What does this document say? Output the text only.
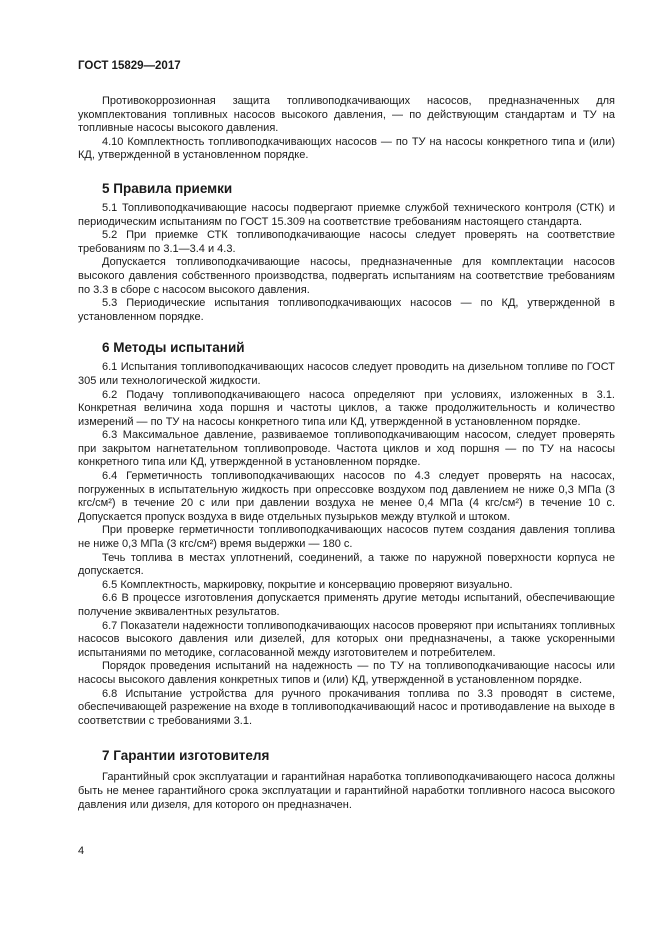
ГОСТ 15829—2017

Противокоррозионная защита топливоподкачивающих насосов, предназначенных для укомплектования топливных насосов высокого давления, — по действующим стандартам и ТУ на топливные насосы высокого давления.

4.10 Комплектность топливоподкачивающих насосов — по ТУ на насосы конкретного типа и (или) КД, утвержденной в установленном порядке.

5 Правила приемки

5.1 Топливоподкачивающие насосы подвергают приемке службой технического контроля (СТК) и периодическим испытаниям по ГОСТ 15.309 на соответствие требованиям настоящего стандарта.

5.2 При приемке СТК топливоподкачивающие насосы следует проверять на соответствие требованиям по 3.1—3.4 и 4.3.

Допускается топливоподкачивающие насосы, предназначенные для комплектации насосов высокого давления собственного производства, подвергать испытаниям на соответствие требованиям по 3.3 в сборе с насосом высокого давления.

5.3 Периодические испытания топливоподкачивающих насосов — по КД, утвержденной в установленном порядке.

6 Методы испытаний

6.1 Испытания топливоподкачивающих насосов следует проводить на дизельном топливе по ГОСТ 305 или технологической жидкости.

6.2 Подачу топливоподкачивающего насоса определяют при условиях, изложенных в 3.1. Конкретная величина хода поршня и частоты циклов, а также продолжительность и количество измерений — по ТУ на насосы конкретного типа или КД, утвержденной в установленном порядке.

6.3 Максимальное давление, развиваемое топливоподкачивающим насосом, следует проверять при закрытом нагнетательном топливопроводе. Частота циклов и ход поршня — по ТУ на насосы конкретного типа или КД, утвержденной в установленном порядке.

6.4 Герметичность топливоподкачивающих насосов по 4.3 следует проверять на насосах, погруженных в испытательную жидкость при опрессовке воздухом под давлением не ниже 0,3 МПа (3 кгс/см²) в течение 20 с или при давлении воздуха не менее 0,4 МПа (4 кгс/см²) в течение 10 с. Допускается пропуск воздуха в виде отдельных пузырьков между втулкой и штоком.

При проверке герметичности топливоподкачивающих насосов путем создания давления топлива не ниже 0,3 МПа (3 кгс/см²) время выдержки — 180 с.

Течь топлива в местах уплотнений, соединений, а также по наружной поверхности корпуса не допускается.

6.5 Комплектность, маркировку, покрытие и консервацию проверяют визуально.

6.6 В процессе изготовления допускается применять другие методы испытаний, обеспечивающие получение эквивалентных результатов.

6.7 Показатели надежности топливоподкачивающих насосов проверяют при испытаниях топливных насосов высокого давления или дизелей, для которых они предназначены, а также ускоренными испытаниями по методике, согласованной между изготовителем и потребителем.

Порядок проведения испытаний на надежность — по ТУ на топливоподкачивающие насосы или насосы высокого давления конкретных типов и (или) КД, утвержденной в установленном порядке.

6.8 Испытание устройства для ручного прокачивания топлива по 3.3 проводят в системе, обеспечивающей разрежение на входе в топливоподкачивающий насос и противодавление на выходе в соответствии с требованиями 3.1.

7 Гарантии изготовителя

Гарантийный срок эксплуатации и гарантийная наработка топливоподкачивающего насоса должны быть не менее гарантийного срока эксплуатации и гарантийной наработки топливного насоса высокого давления или дизеля, для которого он предназначен.

4
